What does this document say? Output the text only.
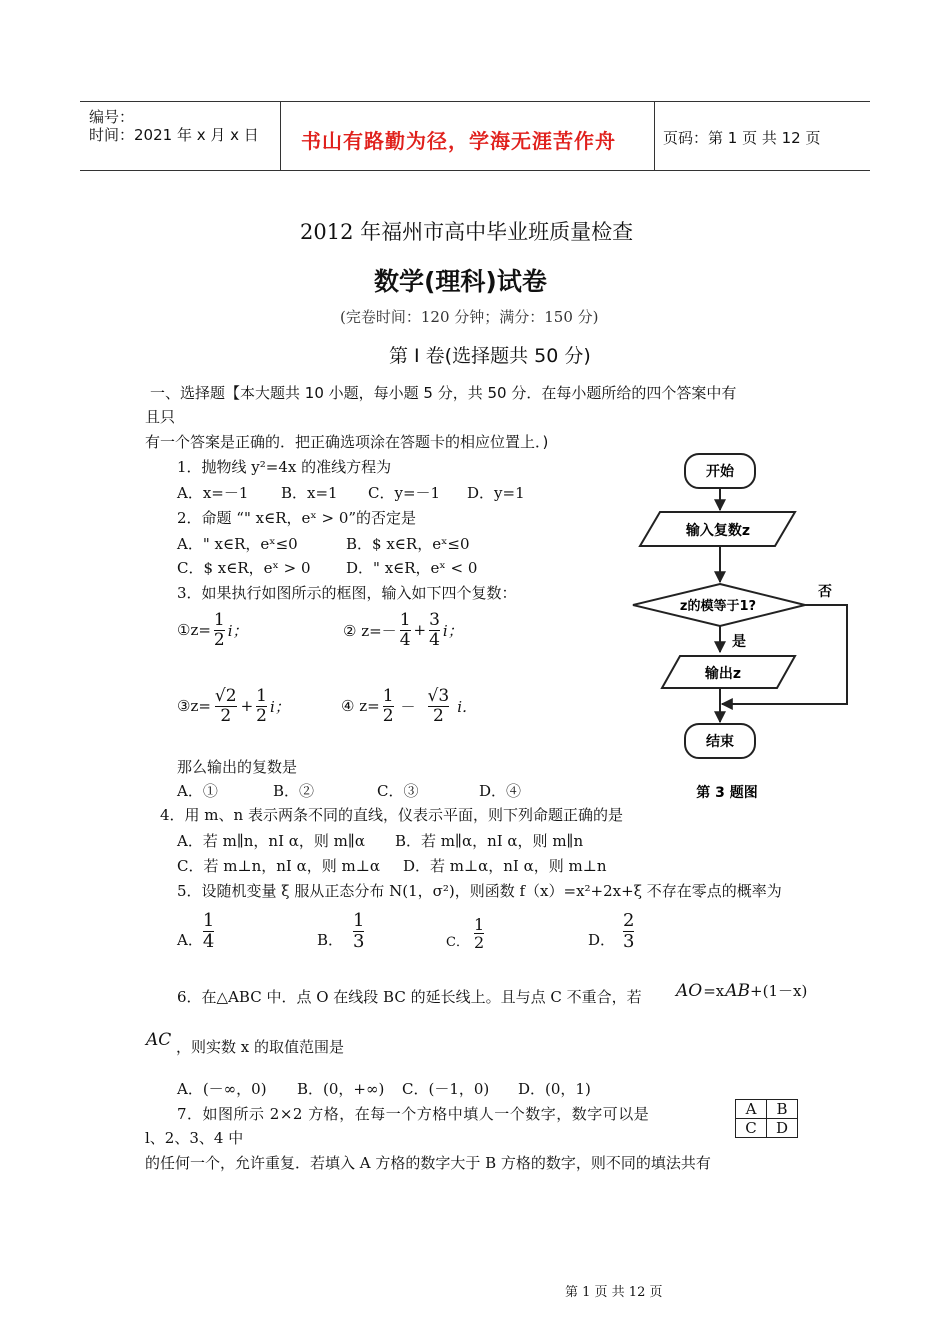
编号：
时间：2021 年 x 月 x 日 书山有路勤为径，学海无涯苦作舟	页码：第 1 页 共 12 页
2012 年福州市高中毕业班质量检查
数学(理科)试卷
(完卷时间：120 分钟；满分：150 分)
第 Ⅰ 卷(选择题共 50 分)
一、选择题【本大题共 10 小题，每小题 5 分，共 50 分．在每小题所给的四个答案中有
且只
有一个答案是正确的．把正确选项涂在答题卡的相应位置上．)
1．抛物线 y²=4x 的准线方程为
A．x=－1 B．x=1 C．y=－1 D．y=1
2．命题 “" x∈R，eˣ > 0”的否定是
A．" x∈R，eˣ≤0	B．$ x∈R，eˣ≤0
C．$ x∈R，eˣ > 0 D．" x∈R，eˣ < 0
3．如果执行如图所示的框图，输入如下四个复数：
①z= $\frac{1}{2}$ i；	② $z=- \frac{1}{4} + \frac{3}{4}$ i；
③z= $\frac{√2}{2} + \frac{1}{2}$ i；	④ $z= \frac{1}{2} - \frac{√3}{2}$ i．
那么输出的复数是
A．①	B．②	C．③	D．④
开始
输入复数z
z的模等于1?
否
是
输出z
结束
第 3 题图
4．用 m、n 表示两条不同的直线，仪表示平面，则下列命题正确的是
A．若 m∥n，nⅠ α，则 m∥α B．若 m∥α，nⅠ α，则 m∥n
C．若 m⊥n，nⅠ α，则 m⊥α D．若 m⊥α，nⅠ α，则 m⊥n
5．设随机变量 ξ 服从正态分布 N(1，σ²)，则函数 f（x）=x²+2x+ξ 不存在零点的概率为
A． $\frac{1}{4}$	B． $\frac{1}{3}$	C． $\frac{1}{2}$	D． $\frac{2}{3}$
6．在△ABC 中．点 O 在线段 BC 的延长线上。且与点 C 不重合，若 AO =x AB +(1－x)
AC ，则实数 x 的取值范围是
A．(－∞，0) B．(0，+∞) C．(－1，0) D．(0，1)
7．如图所示 2×2 方格，在每一个方格中填人一个数字，数字可以是
l、2、3、4 中
的任何一个，允许重复．若填入 A 方格的数字大于 B 方格的数字，则不同的填法共有
A	B
C	D
第 1 页 共 12 页
